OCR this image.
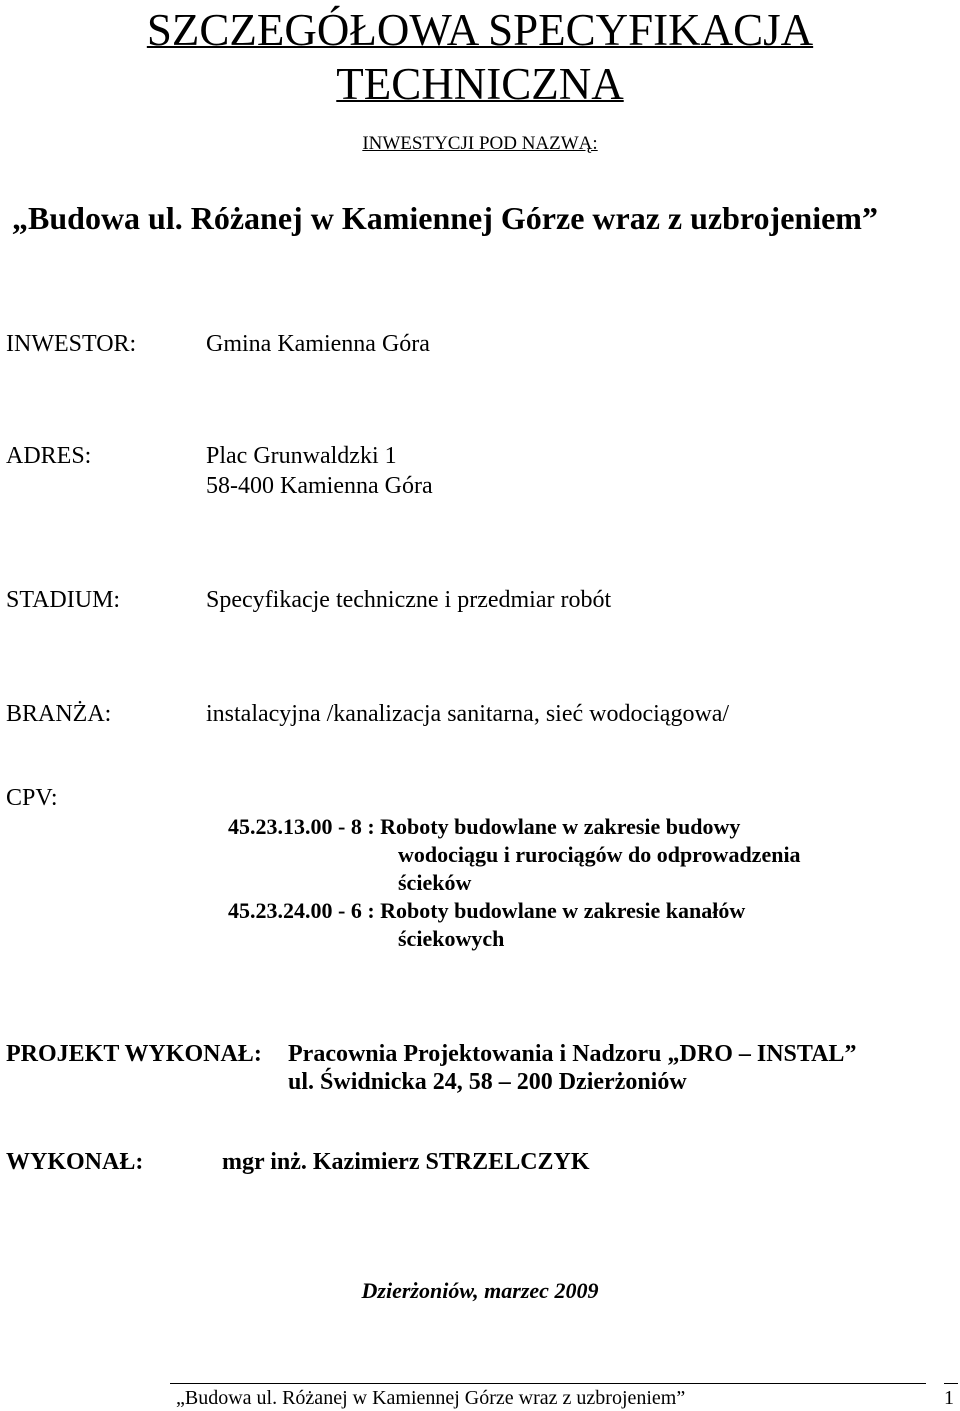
SZCZEGÓŁOWA SPECYFIKACJA
TECHNICZNA
INWESTYCJI POD NAZWĄ:
„Budowa ul. Różanej w Kamiennej Górze wraz z uzbrojeniem”
INWESTOR:	Gmina Kamienna Góra
ADRES:	Plac Grunwaldzki 1
58-400 Kamienna Góra
STADIUM:	Specyfikacje techniczne i przedmiar robót
BRANŻA:	instalacyjna /kanalizacja sanitarna, sieć wodociągowa/
CPV:
45.23.13.00 - 8 : Roboty budowlane w zakresie budowy
wodociągu i rurociągów do odprowadzenia
ścieków
45.23.24.00 - 6 : Roboty budowlane w zakresie kanałów
ściekowych
PROJEKT WYKONAŁ: Pracownia Projektowania i Nadzoru „DRO – INSTAL”
ul. Świdnicka 24, 58 – 200 Dzierżoniów
WYKONAŁ:	mgr inż. Kazimierz STRZELCZYK
Dzierżoniów, marzec 2009
„Budowa ul. Różanej w Kamiennej Górze wraz z uzbrojeniem”	1
